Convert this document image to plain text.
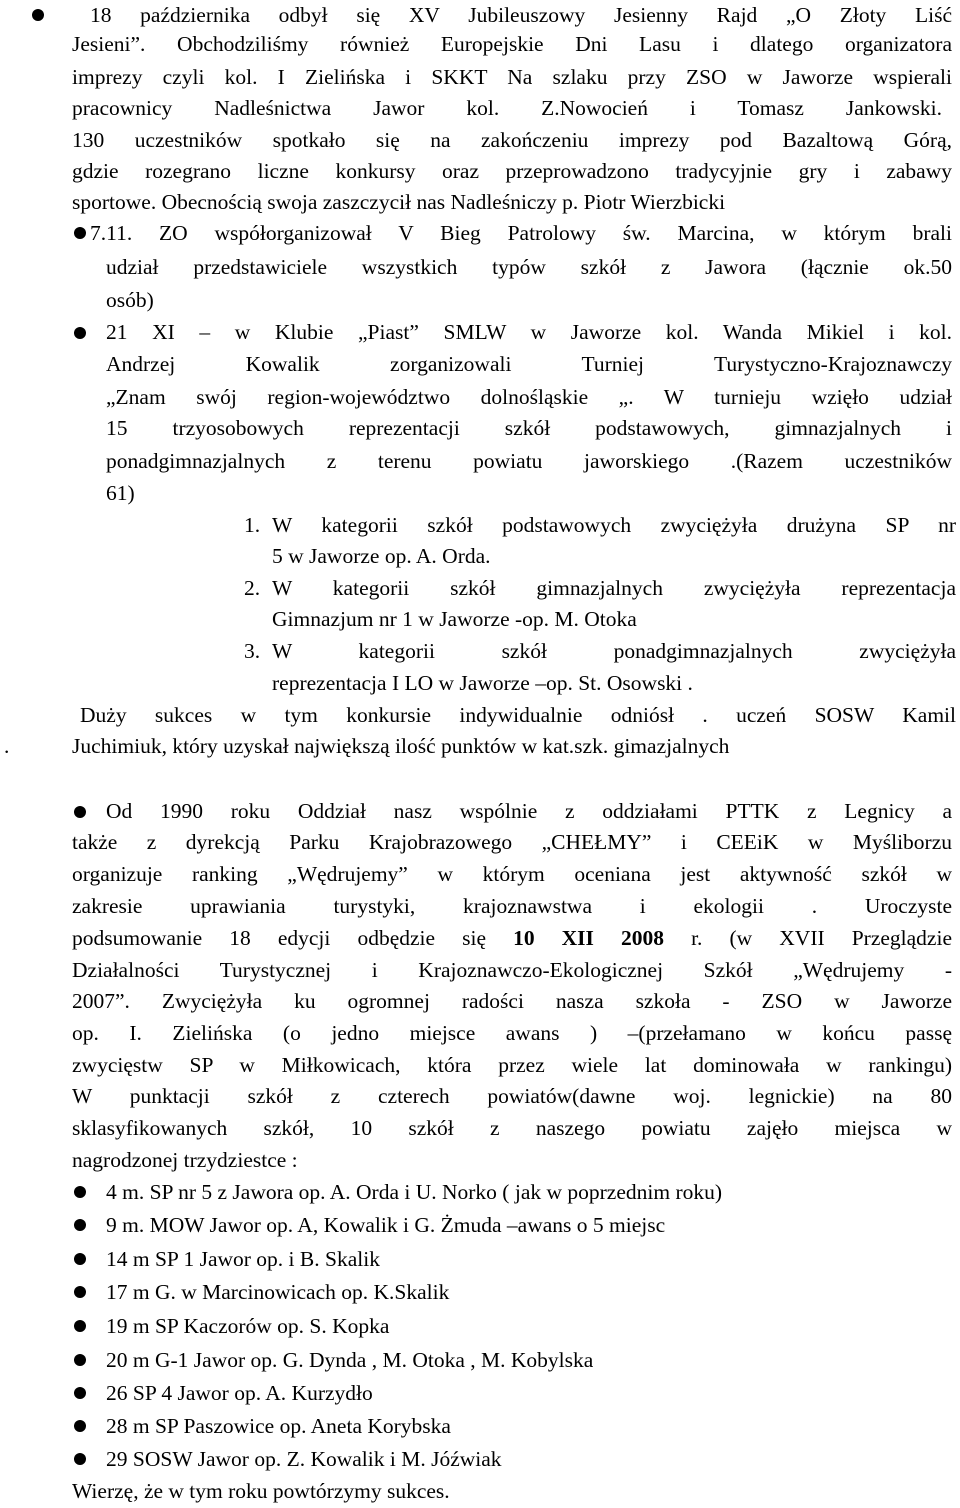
18 października odbył się XV Jubileuszowy Jesienny Rajd „O Złoty Liść
Jesieni”. Obchodziliśmy również Europejskie Dni Lasu i dlatego organizatora
imprezy czyli kol. I Zielińska i SKKT Na szlaku przy ZSO w Jaworze wspierali
pracownicy Nadleśnictwa Jawor kol. Z.Nowocień i Tomasz Jankowski.
130 uczestników spotkało się na zakończeniu imprezy pod Bazaltową Górą,
gdzie rozegrano liczne konkursy oraz przeprowadzono tradycyjnie gry i zabawy
sportowe. Obecnością swoja zaszczycił nas Nadleśniczy p. Piotr Wierzbicki
7.11. ZO współorganizował V Bieg Patrolowy św. Marcina, w którym brali
udział przedstawiciele wszystkich typów szkół z Jawora (łącznie ok.50
osób)
21 XI – w Klubie „Piast” SMLW w Jaworze kol. Wanda Mikiel i kol.
Andrzej Kowalik zorganizowali Turniej Turystyczno-Krajoznawczy
„Znam swój region-województwo dolnośląskie „. W turnieju wzięło udział
15 trzyosobowych reprezentacji szkół podstawowych, gimnazjalnych i
ponadgimnazjalnych z terenu powiatu jaworskiego .(Razem uczestników
61)
1. W kategorii szkół podstawowych zwyciężyła drużyna SP nr
5 w Jaworze op. A. Orda.
2. W kategorii szkół gimnazjalnych zwyciężyła reprezentacja
Gimnazjum nr 1 w Jaworze -op. M. Otoka
3. W kategorii szkół ponadgimnazjalnych zwyciężyła
reprezentacja I LO w Jaworze –op. St. Osowski .
Duży sukces w tym konkursie indywidualnie odniósł . uczeń SOSW Kamil
.	Juchimiuk, który uzyskał największą ilość punktów w kat.szk. gimazjalnych
Od 1990 roku Oddział nasz wspólnie z oddziałami PTTK z Legnicy a
także z dyrekcją Parku Krajobrazowego „CHEŁMY” i CEEiK w Myśliborzu
organizuje ranking „Wędrujemy” w którym oceniana jest aktywność szkół w
zakresie uprawiania turystyki, krajoznawstwa i ekologii . Uroczyste
podsumowanie 18 edycji odbędzie się 10 XII 2008 r. (w XVII Przeglądzie
Działalności Turystycznej i Krajoznawczo-Ekologicznej Szkół „Wędrujemy -
2007”. Zwyciężyła ku ogromnej radości nasza szkoła - ZSO w Jaworze
op. I. Zielińska (o jedno miejsce awans ) –(przełamano w końcu passę
zwycięstw SP w Miłkowicach, która przez wiele lat dominowała w rankingu)
W punktacji szkół z czterech powiatów(dawne woj. legnickie) na 80
sklasyfikowanych szkół, 10 szkół z naszego powiatu zajęło miejsca w
nagrodzonej trzydziestce :
4 m. SP nr 5 z Jawora op. A. Orda i U. Norko ( jak w poprzednim roku)
9 m. MOW Jawor op. A, Kowalik i G. Żmuda –awans o 5 miejsc
14 m SP 1 Jawor op. i B. Skalik
17 m G. w Marcinowicach op. K.Skalik
19 m SP Kaczorów op. S. Kopka
20 m G-1 Jawor op. G. Dynda , M. Otoka , M. Kobylska
26 SP 4 Jawor op. A. Kurzydło
28 m SP Paszowice op. Aneta Korybska
29 SOSW Jawor op. Z. Kowalik i M. Jóźwiak
Wierzę, że w tym roku powtórzymy sukces.
